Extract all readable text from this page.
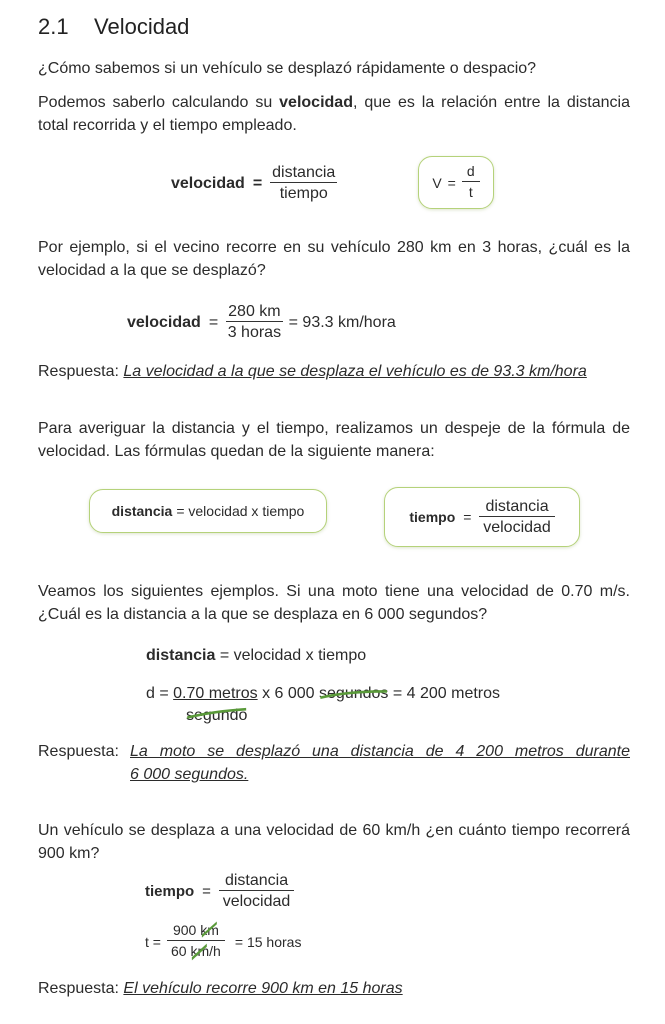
2.1 Velocidad
¿Cómo sabemos si un vehículo se desplazó rápidamente o despacio?
Podemos saberlo calculando su velocidad, que es la relación entre la distancia total recorrida y el tiempo empleado.
velocidad = $\frac{\text{distancia}}{\text{tiempo}}$	$V = \frac{d}{t}$
Por ejemplo, si el vecino recorre en su vehículo 280 km en 3 horas, ¿cuál es la velocidad a la que se desplazó?
velocidad = $\frac{280 km}{\text{3 horas}} = 93.3$ km/hora
Respuesta: La velocidad a la que se desplaza el vehículo es de 93.3 km/hora
Para averiguar la distancia y el tiempo, realizamos un despeje de la fórmula de velocidad. Las fórmulas quedan de la siguiente manera:
distancia = velocidad x tiempo	tiempo = $\frac{\text{distancia}}{\text{velocidad}}$
Veamos los siguientes ejemplos. Si una moto tiene una velocidad de 0.70 m/s. ¿Cuál es la distancia a la que se desplaza en 6 000 segundos?
distancia = velocidad x tiempo
d = 0.70 metros x 6 000 segundos = 4 200 metros
segundo
Respuesta: La moto se desplazó una distancia de 4 200 metros durante
6 000 segundos.
Un vehículo se desplaza a una velocidad de 60 km/h ¿en cuánto tiempo recorrerá 900 km?
tiempo = $\frac{\text{distancia}}{\text{velocidad}}$
t = 900 km
60 km
/h = 15 horas
Respuesta: El vehículo recorre 900 km en 15 horas
